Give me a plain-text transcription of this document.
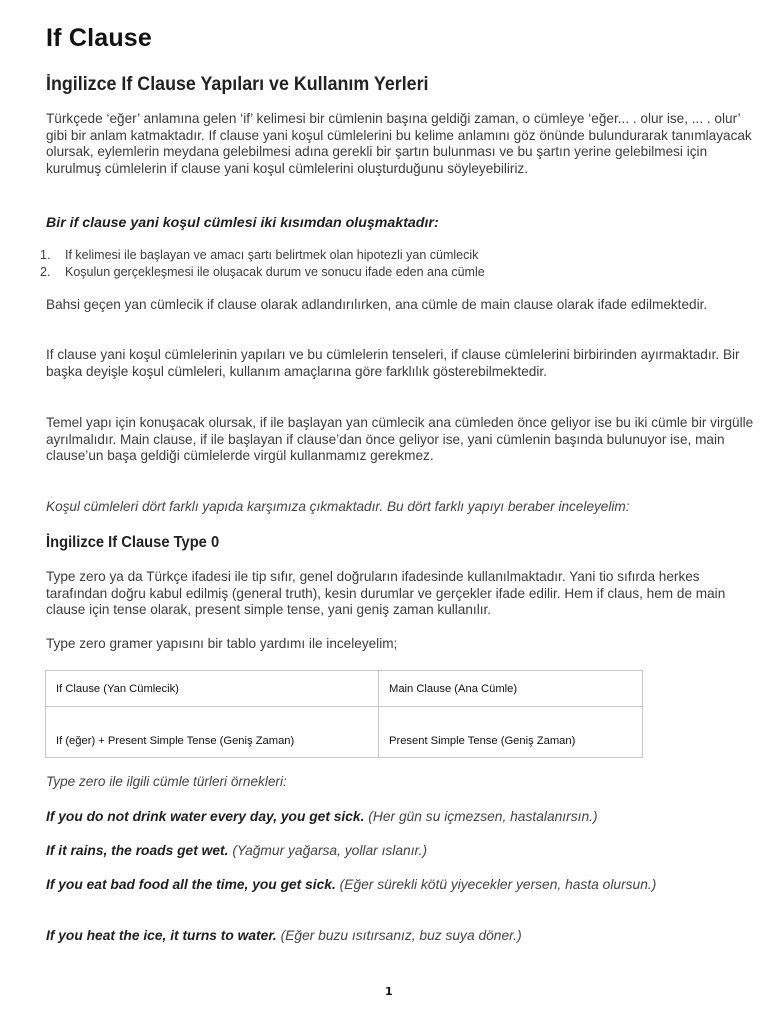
If Clause
İngilizce If Clause Yapıları ve Kullanım Yerleri

Türkçede ‘eğer’ anlamına gelen ‘if’ kelimesi bir cümlenin başına geldiği zaman, o cümleye ‘eğer... . olur ise, ... . olur’ gibi bir anlam katmaktadır. If clause yani koşul cümlelerini bu kelime anlamını göz önünde bulundurarak tanımlayacak olursak, eylemlerin meydana gelebilmesi adına gerekli bir şartın bulunması ve bu şartın yerine gelebilmesi için kurulmuş cümlelerin if clause yani koşul cümlelerini oluşturduğunu söyleyebiliriz.

Bir if clause yani koşul cümlesi iki kısımdan oluşmaktadır:

1. If kelimesi ile başlayan ve amacı şartı belirtmek olan hipotezli yan cümlecik
2. Koşulun gerçekleşmesi ile oluşacak durum ve sonucu ifade eden ana cümle

Bahsi geçen yan cümlecik if clause olarak adlandırılırken, ana cümle de main clause olarak ifade edilmektedir.

If clause yani koşul cümlelerinin yapıları ve bu cümlelerin tenseleri, if clause cümlelerini birbirinden ayırmaktadır. Bir başka deyişle koşul cümleleri, kullanım amaçlarına göre farklılık gösterebilmektedir.

Temel yapı için konuşacak olursak, if ile başlayan yan cümlecik ana cümleden önce geliyor ise bu iki cümle bir virgülle ayrılmalıdır. Main clause, if ile başlayan if clause’dan önce geliyor ise, yani cümlenin başında bulunuyor ise, main clause’un başa geldiği cümlelerde virgül kullanmamız gerekmez.

Koşul cümleleri dört farklı yapıda karşımıza çıkmaktadır. Bu dört farklı yapıyı beraber inceleyelim:

İngilizce If Clause Type 0

Type zero ya da Türkçe ifadesi ile tip sıfır, genel doğruların ifadesinde kullanılmaktadır. Yani tio sıfırda herkes tarafından doğru kabul edilmiş (general truth), kesin durumlar ve gerçekler ifade edilir. Hem if claus, hem de main clause için tense olarak, present simple tense, yani geniş zaman kullanılır.

Type zero gramer yapısını bir tablo yardımı ile inceleyelim;

If Clause (Yan Cümlecik)	Main Clause (Ana Cümle)
If (eğer) + Present Simple Tense (Geniş Zaman)	Present Simple Tense (Geniş Zaman)

Type zero ile ilgili cümle türleri örnekleri:

If you do not drink water every day, you get sick. (Her gün su içmezsen, hastalanırsın.)

If it rains, the roads get wet. (Yağmur yağarsa, yollar ıslanır.)

If you eat bad food all the time, you get sick. (Eğer sürekli kötü yiyecekler yersen, hasta olursun.)

If you heat the ice, it turns to water. (Eğer buzu ısıtırsanız, buz suya döner.)

1
